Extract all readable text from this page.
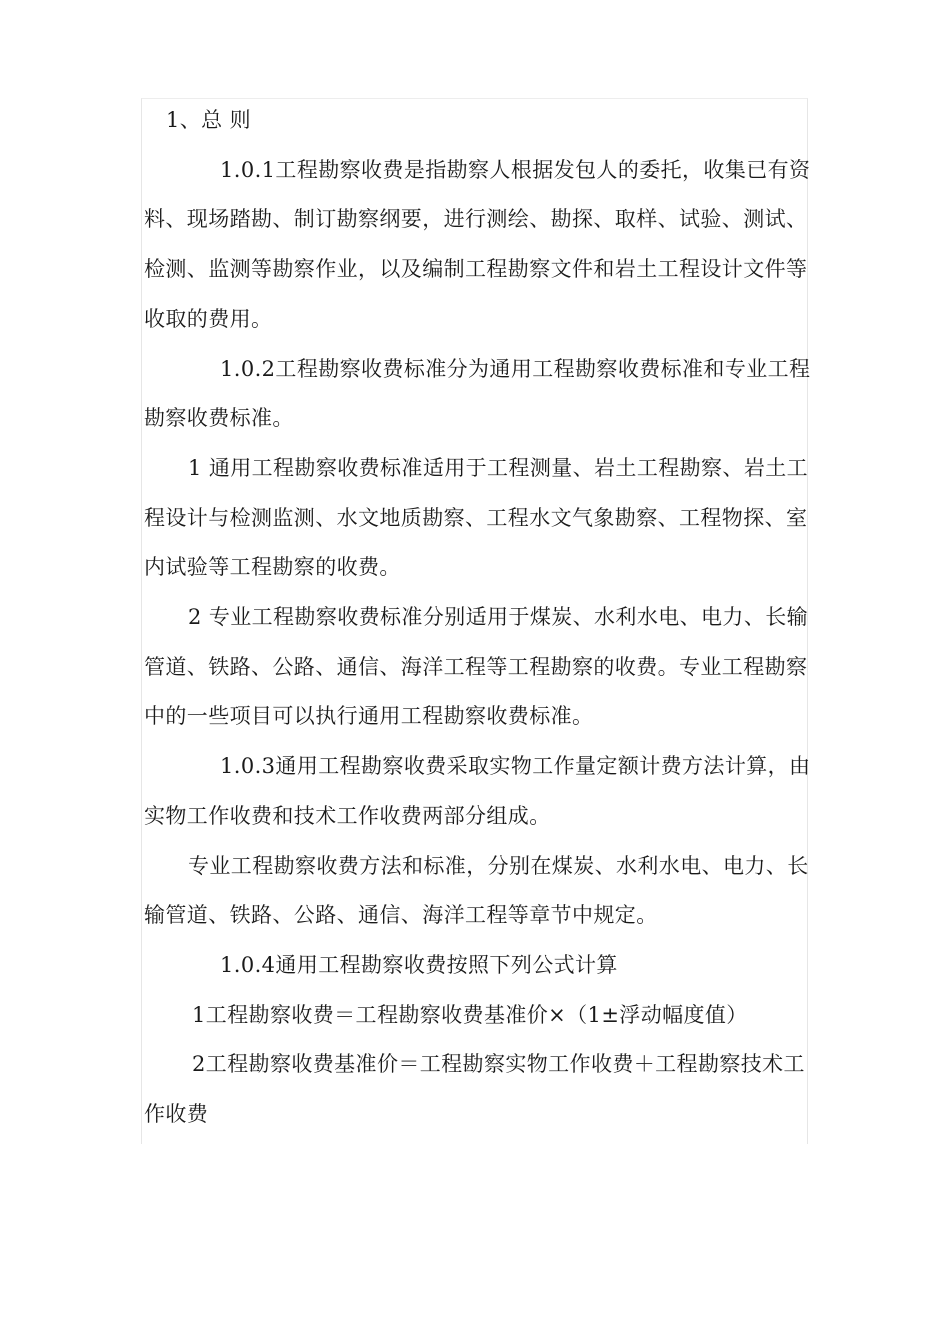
1、总 则

1.0.1工程勘察收费是指勘察人根据发包人的委托，收集已有资料、现场踏勘、制订勘察纲要，进行测绘、勘探、取样、试验、测试、检测、监测等勘察作业，以及编制工程勘察文件和岩土工程设计文件等收取的费用。

1.0.2工程勘察收费标准分为通用工程勘察收费标准和专业工程勘察收费标准。

1 通用工程勘察收费标准适用于工程测量、岩土工程勘察、岩土工程设计与检测监测、水文地质勘察、工程水文气象勘察、工程物探、室内试验等工程勘察的收费。

2 专业工程勘察收费标准分别适用于煤炭、水利水电、电力、长输管道、铁路、公路、通信、海洋工程等工程勘察的收费。专业工程勘察中的一些项目可以执行通用工程勘察收费标准。

1.0.3通用工程勘察收费采取实物工作量定额计费方法计算，由实物工作收费和技术工作收费两部分组成。

专业工程勘察收费方法和标准，分别在煤炭、水利水电、电力、长输管道、铁路、公路、通信、海洋工程等章节中规定。

1.0.4通用工程勘察收费按照下列公式计算

1工程勘察收费＝工程勘察收费基准价×（1±浮动幅度值）

2工程勘察收费基准价＝工程勘察实物工作收费＋工程勘察技术工作收费
